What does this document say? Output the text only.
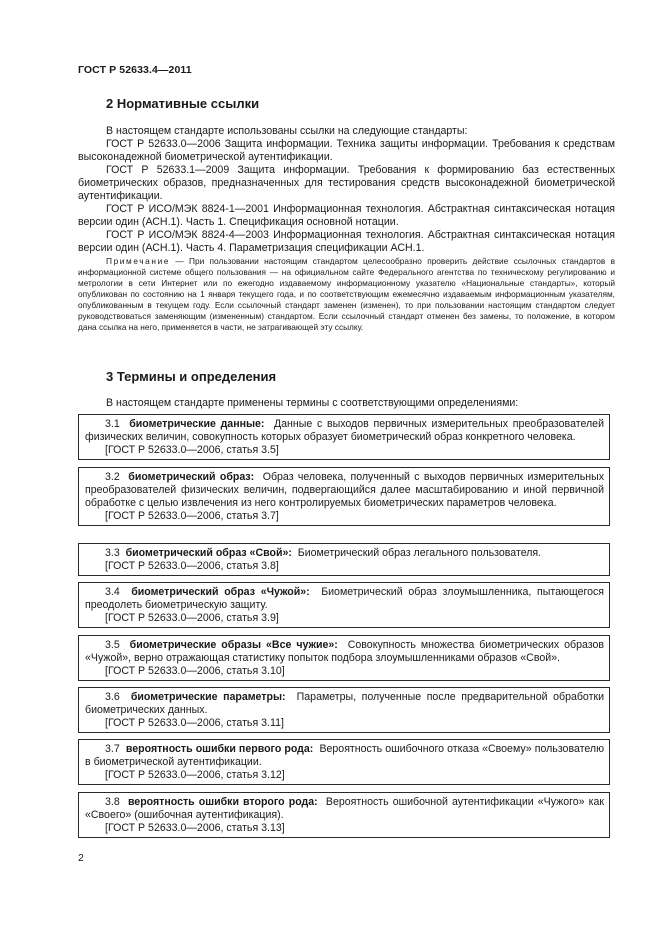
ГОСТ Р 52633.4—2011
2 Нормативные ссылки

В настоящем стандарте использованы ссылки на следующие стандарты:

ГОСТ Р 52633.0—2006 Защита информации. Техника защиты информации. Требования к средствам высоконадежной биометрической аутентификации.

ГОСТ Р 52633.1—2009 Защита информации. Требования к формированию баз естественных биометрических образов, предназначенных для тестирования средств высоконадежной биометрической аутентификации.

ГОСТ Р ИСО/МЭК 8824-1—2001 Информационная технология. Абстрактная синтаксическая нотация версии один (АСН.1). Часть 1. Спецификация основной нотации.

ГОСТ Р ИСО/МЭК 8824-4—2003 Информационная технология. Абстрактная синтаксическая нотация версии один (АСН.1). Часть 4. Параметризация спецификации АСН.1.

Примечание — При пользовании настоящим стандартом целесообразно проверить действие ссылочных стандартов в информационной системе общего пользования — на официальном сайте Федерального агентства по техническому регулированию и метрологии в сети Интернет или по ежегодно издаваемому информационному указателю «Национальные стандарты», который опубликован по состоянию на 1 января текущего года, и по соответствующим ежемесячно издаваемым информационным указателям, опубликованным в текущем году. Если ссылочный стандарт заменен (изменен), то при пользовании настоящим стандартом следует руководствоваться заменяющим (измененным) стандартом. Если ссылочный стандарт отменен без замены, то положение, в котором дана ссылка на него, применяется в части, не затрагивающей эту ссылку.

3 Термины и определения

В настоящем стандарте применены термины с соответствующими определениями:

3.1 биометрические данные: Данные с выходов первичных измерительных преобразователей физических величин, совокупность которых образует биометрический образ конкретного человека.

[ГОСТ Р 52633.0—2006, статья 3.5]

3.2 биометрический образ: Образ человека, полученный с выходов первичных измерительных преобразователей физических величин, подвергающийся далее масштабированию и иной первичной обработке с целью извлечения из него контролируемых биометрических параметров человека.

[ГОСТ Р 52633.0—2006, статья 3.7]

3.3 биометрический образ «Свой»: Биометрический образ легального пользователя.

[ГОСТ Р 52633.0—2006, статья 3.8]

3.4 биометрический образ «Чужой»: Биометрический образ злоумышленника, пытающегося преодолеть биометрическую защиту.

[ГОСТ Р 52633.0—2006, статья 3.9]

3.5 биометрические образы «Все чужие»: Совокупность множества биометрических образов «Чужой», верно отражающая статистику попыток подбора злоумышленниками образов «Свой».

[ГОСТ Р 52633.0—2006, статья 3.10]

3.6 биометрические параметры: Параметры, полученные после предварительной обработки биометрических данных.

[ГОСТ Р 52633.0—2006, статья 3.11]

3.7 вероятность ошибки первого рода: Вероятность ошибочного отказа «Своему» пользователю в биометрической аутентификации.

[ГОСТ Р 52633.0—2006, статья 3.12]

3.8 вероятность ошибки второго рода: Вероятность ошибочной аутентификации «Чужого» как «Своего» (ошибочная аутентификация).

[ГОСТ Р 52633.0—2006, статья 3.13]

2
